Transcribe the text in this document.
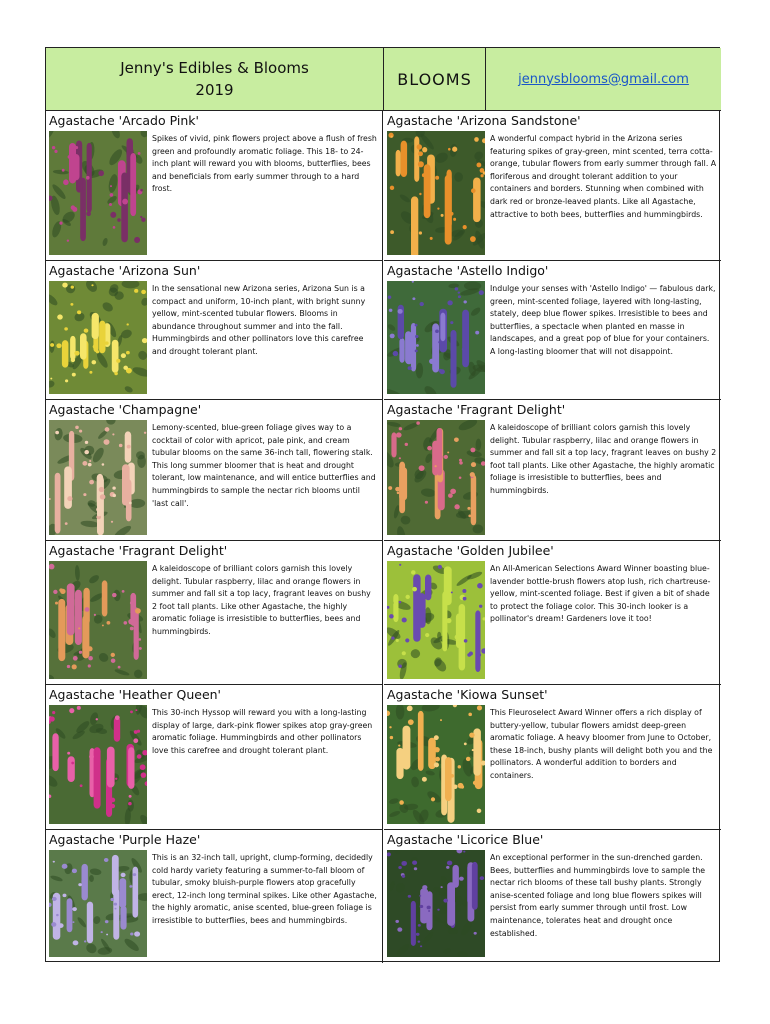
Jenny's Edibles & Blooms
2019
BLOOMS	jennysblooms@gmail.com
Agastache 'Arcado Pink'
Spikes of vivid, pink flowers project above a flush of fresh green and profoundly aromatic foliage. This 18- to 24-inch plant will reward you with blooms, butterflies, bees and beneficials from early summer through to a hard frost.
Agastache 'Arizona Sandstone'
A wonderful compact hybrid in the Arizona series featuring spikes of gray-green, mint scented, terra cotta-orange, tubular flowers from early summer through fall. A floriferous and drought tolerant addition to your containers and borders. Stunning when combined with dark red or bronze-leaved plants. Like all Agastache, attractive to both bees, butterflies and hummingbirds.
Agastache 'Arizona Sun'
In the sensational new Arizona series, Arizona Sun is a compact and uniform, 10-inch plant, with bright sunny yellow, mint-scented tubular flowers. Blooms in abundance throughout summer and into the fall. Hummingbirds and other pollinators love this carefree and drought tolerant plant.
Agastache 'Astello Indigo'
Indulge your senses with 'Astello Indigo' — fabulous dark, green, mint-scented foliage, layered with long-lasting, stately, deep blue flower spikes. Irresistible to bees and butterflies, a spectacle when planted en masse in landscapes, and a great pop of blue for your containers. A long-lasting bloomer that will not disappoint.
Agastache 'Champagne'
Lemony-scented, blue-green foliage gives way to a cocktail of color with apricot, pale pink, and cream tubular blooms on the same 36-inch tall, flowering stalk. This long summer bloomer that is heat and drought tolerant, low maintenance, and will entice butterflies and hummingbirds to sample the nectar rich blooms until 'last call'.
Agastache 'Fragrant Delight'
A kaleidoscope of brilliant colors garnish this lovely delight. Tubular raspberry, lilac and orange flowers in summer and fall sit a top lacy, fragrant leaves on bushy 2 foot tall plants. Like other Agastache, the highly aromatic foliage is irresistible to butterflies, bees and hummingbirds.
Agastache 'Fragrant Delight'
A kaleidoscope of brilliant colors garnish this lovely delight. Tubular raspberry, lilac and orange flowers in summer and fall sit a top lacy, fragrant leaves on bushy 2 foot tall plants. Like other Agastache, the highly aromatic foliage is irresistible to butterflies, bees and hummingbirds.
Agastache 'Golden Jubilee'
An All-American Selections Award Winner boasting blue-lavender bottle-brush flowers atop lush, rich chartreuse-yellow, mint-scented foliage. Best if given a bit of shade to protect the foliage color. This 30-inch looker is a pollinator's dream! Gardeners love it too!
Agastache 'Heather Queen'
This 30-inch Hyssop will reward you with a long-lasting display of large, dark-pink flower spikes atop gray-green aromatic foliage. Hummingbirds and other pollinators love this carefree and drought tolerant plant.
Agastache 'Kiowa Sunset'
This Fleuroselect Award Winner offers a rich display of buttery-yellow, tubular flowers amidst deep-green aromatic foliage. A heavy bloomer from June to October, these 18-inch, bushy plants will delight both you and the pollinators. A wonderful addition to borders and containers.
Agastache 'Purple Haze'
This is an 32-inch tall, upright, clump-forming, decidedly cold hardy variety featuring a summer-to-fall bloom of tubular, smoky bluish-purple flowers atop gracefully erect, 12-inch long terminal spikes. Like other Agastache, the highly aromatic, anise scented, blue-green foliage is irresistible to butterflies, bees and hummingbirds.
Agastache 'Licorice Blue'
An exceptional performer in the sun-drenched garden. Bees, butterflies and hummingbirds love to sample the nectar rich blooms of these tall bushy plants. Strongly anise-scented foliage and long blue flowers spikes will persist from early summer through until frost. Low maintenance, tolerates heat and drought once established.
